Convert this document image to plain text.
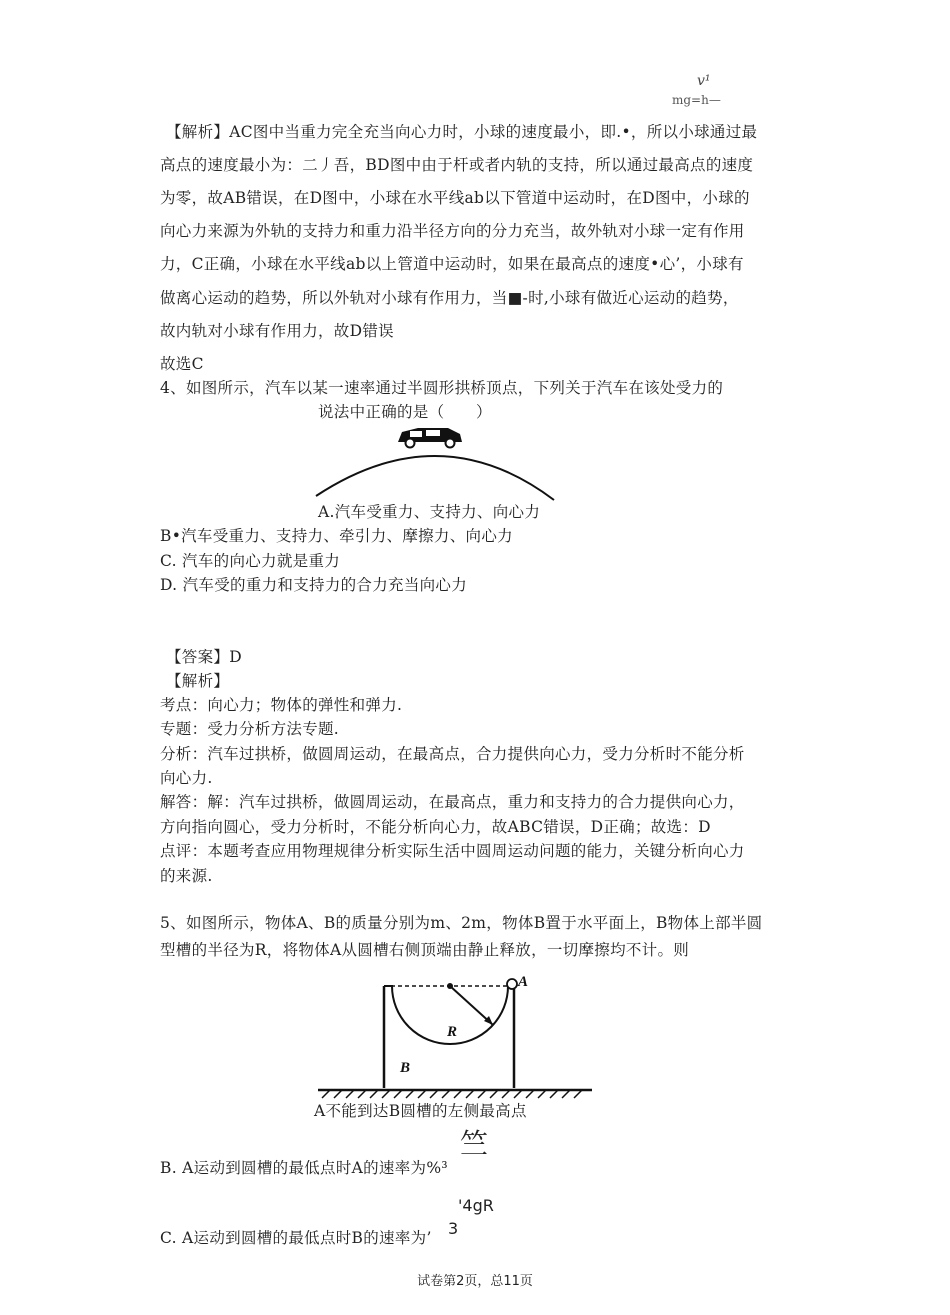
v¹
mg=h—
【解析】AC图中当重力完全充当向心力时，小球的速度最小，即.•，所以小球通过最
高点的速度最小为：二丿吾，BD图中由于杆或者内轨的支持，所以通过最高点的速度
为零，故AB错误，在D图中，小球在水平线ab以下管道中运动时，在D图中，小球的
向心力来源为外轨的支持力和重力沿半径方向的分力充当，故外轨对小球一定有作用
力，C正确，小球在水平线ab以上管道中运动时，如果在最高点的速度•心’，小球有
做离心运动的趋势，所以外轨对小球有作用力，当■-时,小球有做近心运动的趋势，
故内轨对小球有作用力，故D错误
故选C
4、如图所示，汽车以某一速率通过半圆形拱桥顶点，下列关于汽车在该处受力的
说法中正确的是（　　）
A.汽车受重力、支持力、向心力
B•汽车受重力、支持力、牵引力、摩擦力、向心力
C. 汽车的向心力就是重力
D. 汽车受的重力和支持力的合力充当向心力
【答案】D
【解析】
考点：向心力；物体的弹性和弹力.
专题：受力分析方法专题.
分析：汽车过拱桥，做圆周运动，在最高点，合力提供向心力，受力分析时不能分析
向心力.
解答：解：汽车过拱桥，做圆周运动，在最高点，重力和支持力的合力提供向心力，
方向指向圆心，受力分析时，不能分析向心力，故ABC错误，D正确；故选：D
点评：本题考查应用物理规律分析实际生活中圆周运动问题的能力，关键分析向心力
的来源.
5、如图所示，物体A、B的质量分别为m、2m，物体B置于水平面上，B物体上部半圆
型槽的半径为R，将物体A从圆槽右侧顶端由静止释放，一切摩擦均不计。则
A
R
B
A不能到达B圆槽的左侧最高点
竺
B. A运动到圆槽的最低点时A的速率为%³
'4gR
3
C. A运动到圆槽的最低点时B的速率为’
试卷第2页，总11页
